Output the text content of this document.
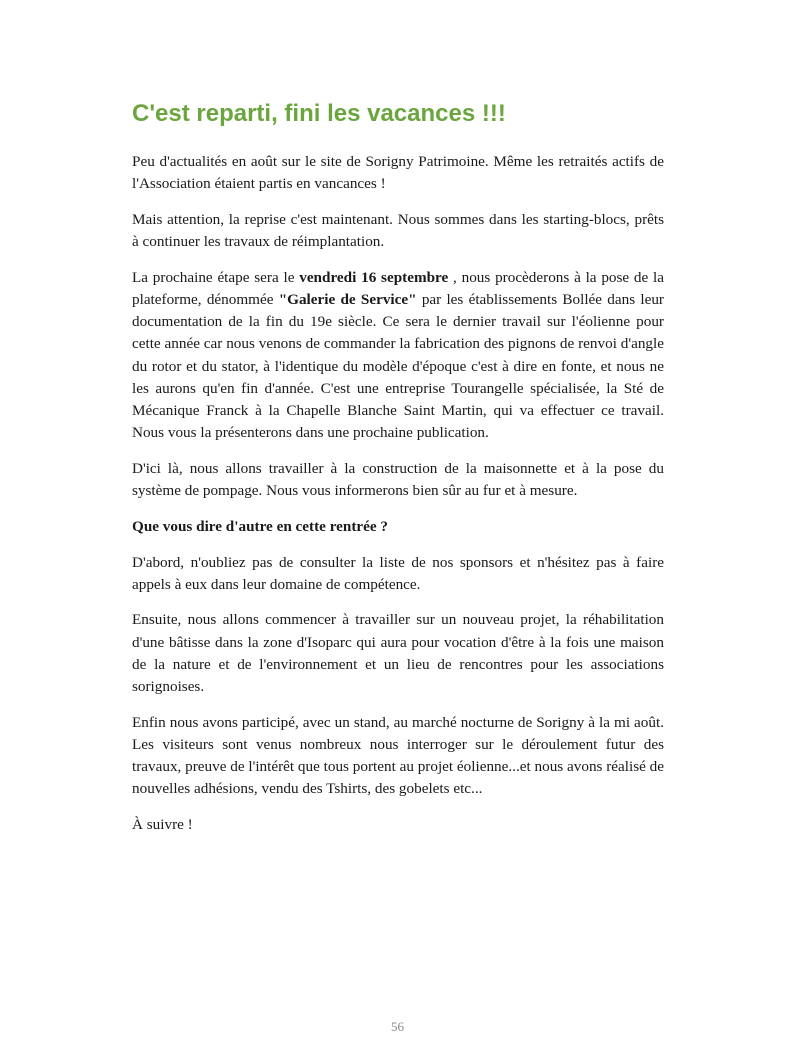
C'est reparti, fini les vacances !!!

Peu d'actualités en août sur le site de Sorigny Patrimoine. Même les retraités actifs de l'Association étaient partis en vancances !

Mais attention, la reprise c'est maintenant. Nous sommes dans les starting-blocs, prêts à continuer les travaux de réimplantation.

La prochaine étape sera le vendredi 16 septembre , nous procèderons à la pose de la plateforme, dénommée "Galerie de Service" par les établissements Bollée dans leur documentation de la fin du 19e siècle. Ce sera le dernier travail sur l'éolienne pour cette année car nous venons de commander la fabrication des pignons de renvoi d'angle du rotor et du stator, à l'identique du modèle d'époque c'est à dire en fonte, et nous ne les aurons qu'en fin d'année. C'est une entreprise Tourangelle spécialisée, la Sté de Mécanique Franck à la Chapelle Blanche Saint Martin, qui va effectuer ce travail. Nous vous la présenterons dans une prochaine publication.

D'ici là, nous allons travailler à la construction de la maisonnette et à la pose du système de pompage. Nous vous informerons bien sûr au fur et à mesure.

Que vous dire d'autre en cette rentrée ?

D'abord, n'oubliez pas de consulter la liste de nos sponsors et n'hésitez pas à faire appels à eux dans leur domaine de compétence.

Ensuite, nous allons commencer à travailler sur un nouveau projet, la réhabilitation d'une bâtisse dans la zone d'Isoparc qui aura pour vocation d'être à la fois une maison de la nature et de l'environnement et un lieu de rencontres pour les associations sorignoises.

Enfin nous avons participé, avec un stand, au marché nocturne de Sorigny à la mi août. Les visiteurs sont venus nombreux nous interroger sur le déroulement futur des travaux, preuve de l'intérêt que tous portent au projet éolienne...et nous avons réalisé de nouvelles adhésions, vendu des Tshirts, des gobelets etc...

À suivre !

56
